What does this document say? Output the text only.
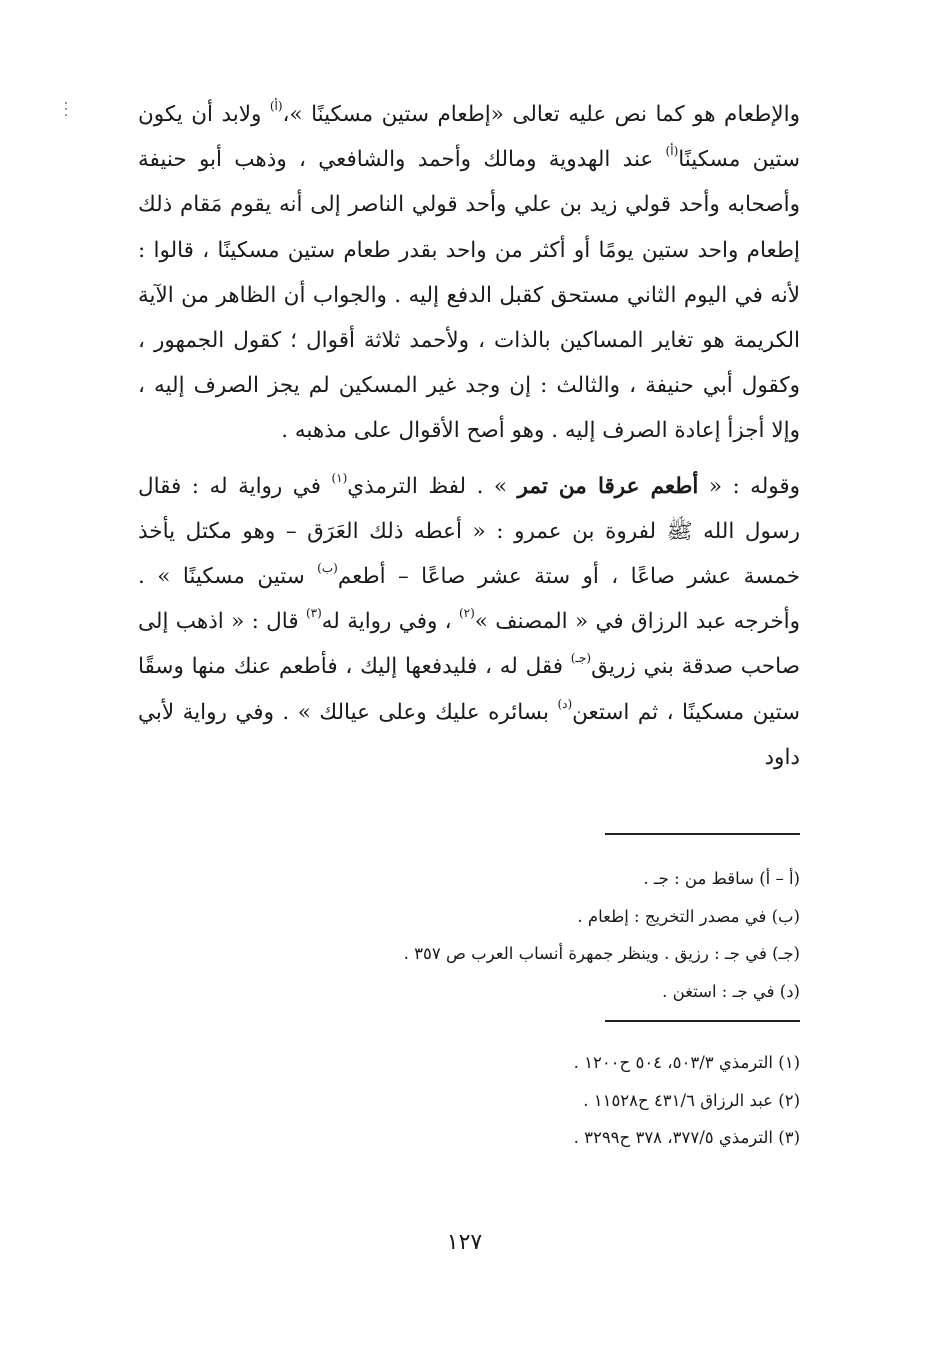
والإطعام هو كما نص عليه تعالى «إطعام ستين مسكينًا »،$^{(أ)}$ ولابد أن يكون ستين مسكينًا$^{(أ)}$ عند الهدوية ومالك وأحمد والشافعي ، وذهب أبو حنيفة وأصحابه وأحد قولي زيد بن علي وأحد قولي الناصر إلى أنه يقوم مَقام ذلك إطعام واحد ستين يومًا أو أكثر من واحد بقدر طعام ستين مسكينًا ، قالوا : لأنه في اليوم الثاني مستحق كقبل الدفع إليه . والجواب أن الظاهر من الآية الكريمة هو تغاير المساكين بالذات ، ولأحمد ثلاثة أقوال ؛ كقول الجمهور ، وكقول أبي حنيفة ، والثالث : إن وجد غير المسكين لم يجز الصرف إليه ، وإلا أجزأ إعادة الصرف إليه . وهو أصح الأقوال على مذهبه .

وقوله : « أطعم عرقا من تمر » . لفظ الترمذي$^{(١)}$ في رواية له : فقال رسول الله ﷺ لفروة بن عمرو : « أعطه ذلك العَرَق – وهو مكتل يأخذ خمسة عشر صاعًا ، أو ستة عشر صاعًا – أطعم$^{(ب)}$ ستين مسكينًا » . وأخرجه عبد الرزاق في « المصنف »$^{(٢)}$ ، وفي رواية له$^{(٣)}$ قال : « اذهب إلى صاحب صدقة بني زريق$^{(جـ)}$ فقل له ، فليدفعها إليك ، فأطعم عنك منها وسقًا ستين مسكينًا ، ثم استعن$^{(د)}$ بسائره عليك وعلى عيالك » . وفي رواية لأبي داود

(أ – أ) ساقط من : جـ .
(ب) في مصدر التخريج : إطعام .
(جـ) في جـ : رزيق . وينظر جمهرة أنساب العرب ص ٣٥٧ .
(د) في جـ : استغن .
(١) الترمذي ٥٠٣/٣، ٥٠٤ ح١٢٠٠ .
(٢) عبد الرزاق ٤٣١/٦ ح١١٥٢٨ .
(٣) الترمذي ٣٧٧/٥، ٣٧٨ ح٣٢٩٩ .
١٢٧
